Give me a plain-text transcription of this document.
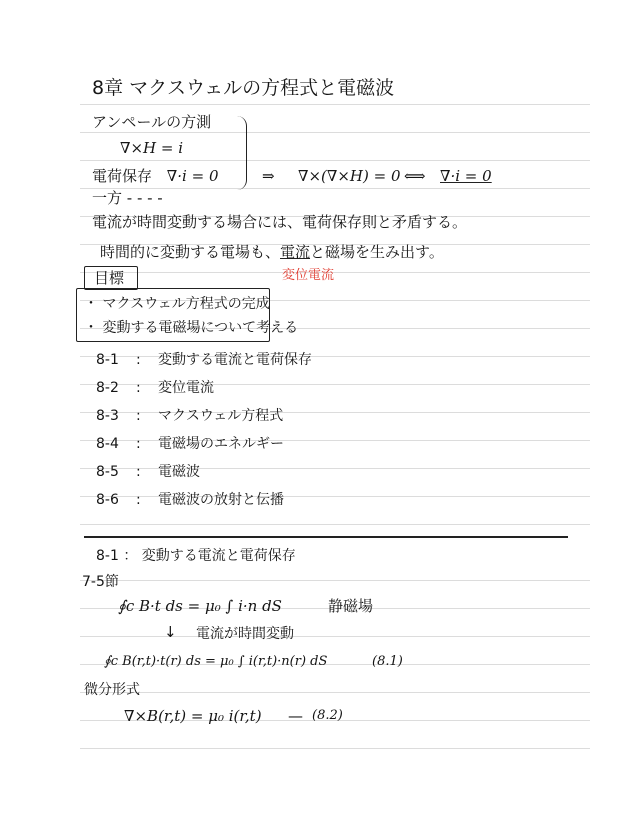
8章 マクスウェルの方程式と電磁波
アンペールの方測
∇×H = i
電荷保存 ∇·i = 0	⇒ ∇×(∇×H) = 0 ⟺ ∇·i = 0
一方 - - - -
電流が時間変動する場合には、電荷保存則と矛盾する。
時間的に変動する電場も、電流と磁場を生み出す。
変位電流
目標
・ マクスウェル方程式の完成
・ 変動する電磁場について考える
8-1 : 変動する電流と電荷保存
8-2 : 変位電流
8-3 : マクスウェル方程式
8-4 : 電磁場のエネルギー
8-5 : 電磁波
8-6 : 電磁波の放射と伝播
8-1 ： 変動する電流と電荷保存
7-5節
∮c B·t ds = μ₀ ∫ i·n dS	静磁場
↓ 電流が時間変動
∮c B(r,t)·t(r) ds = μ₀ ∫ i(r,t)·n(r) dS	(8.1)
微分形式
∇×B(r,t) = μ₀ i(r,t) — (8.2)
